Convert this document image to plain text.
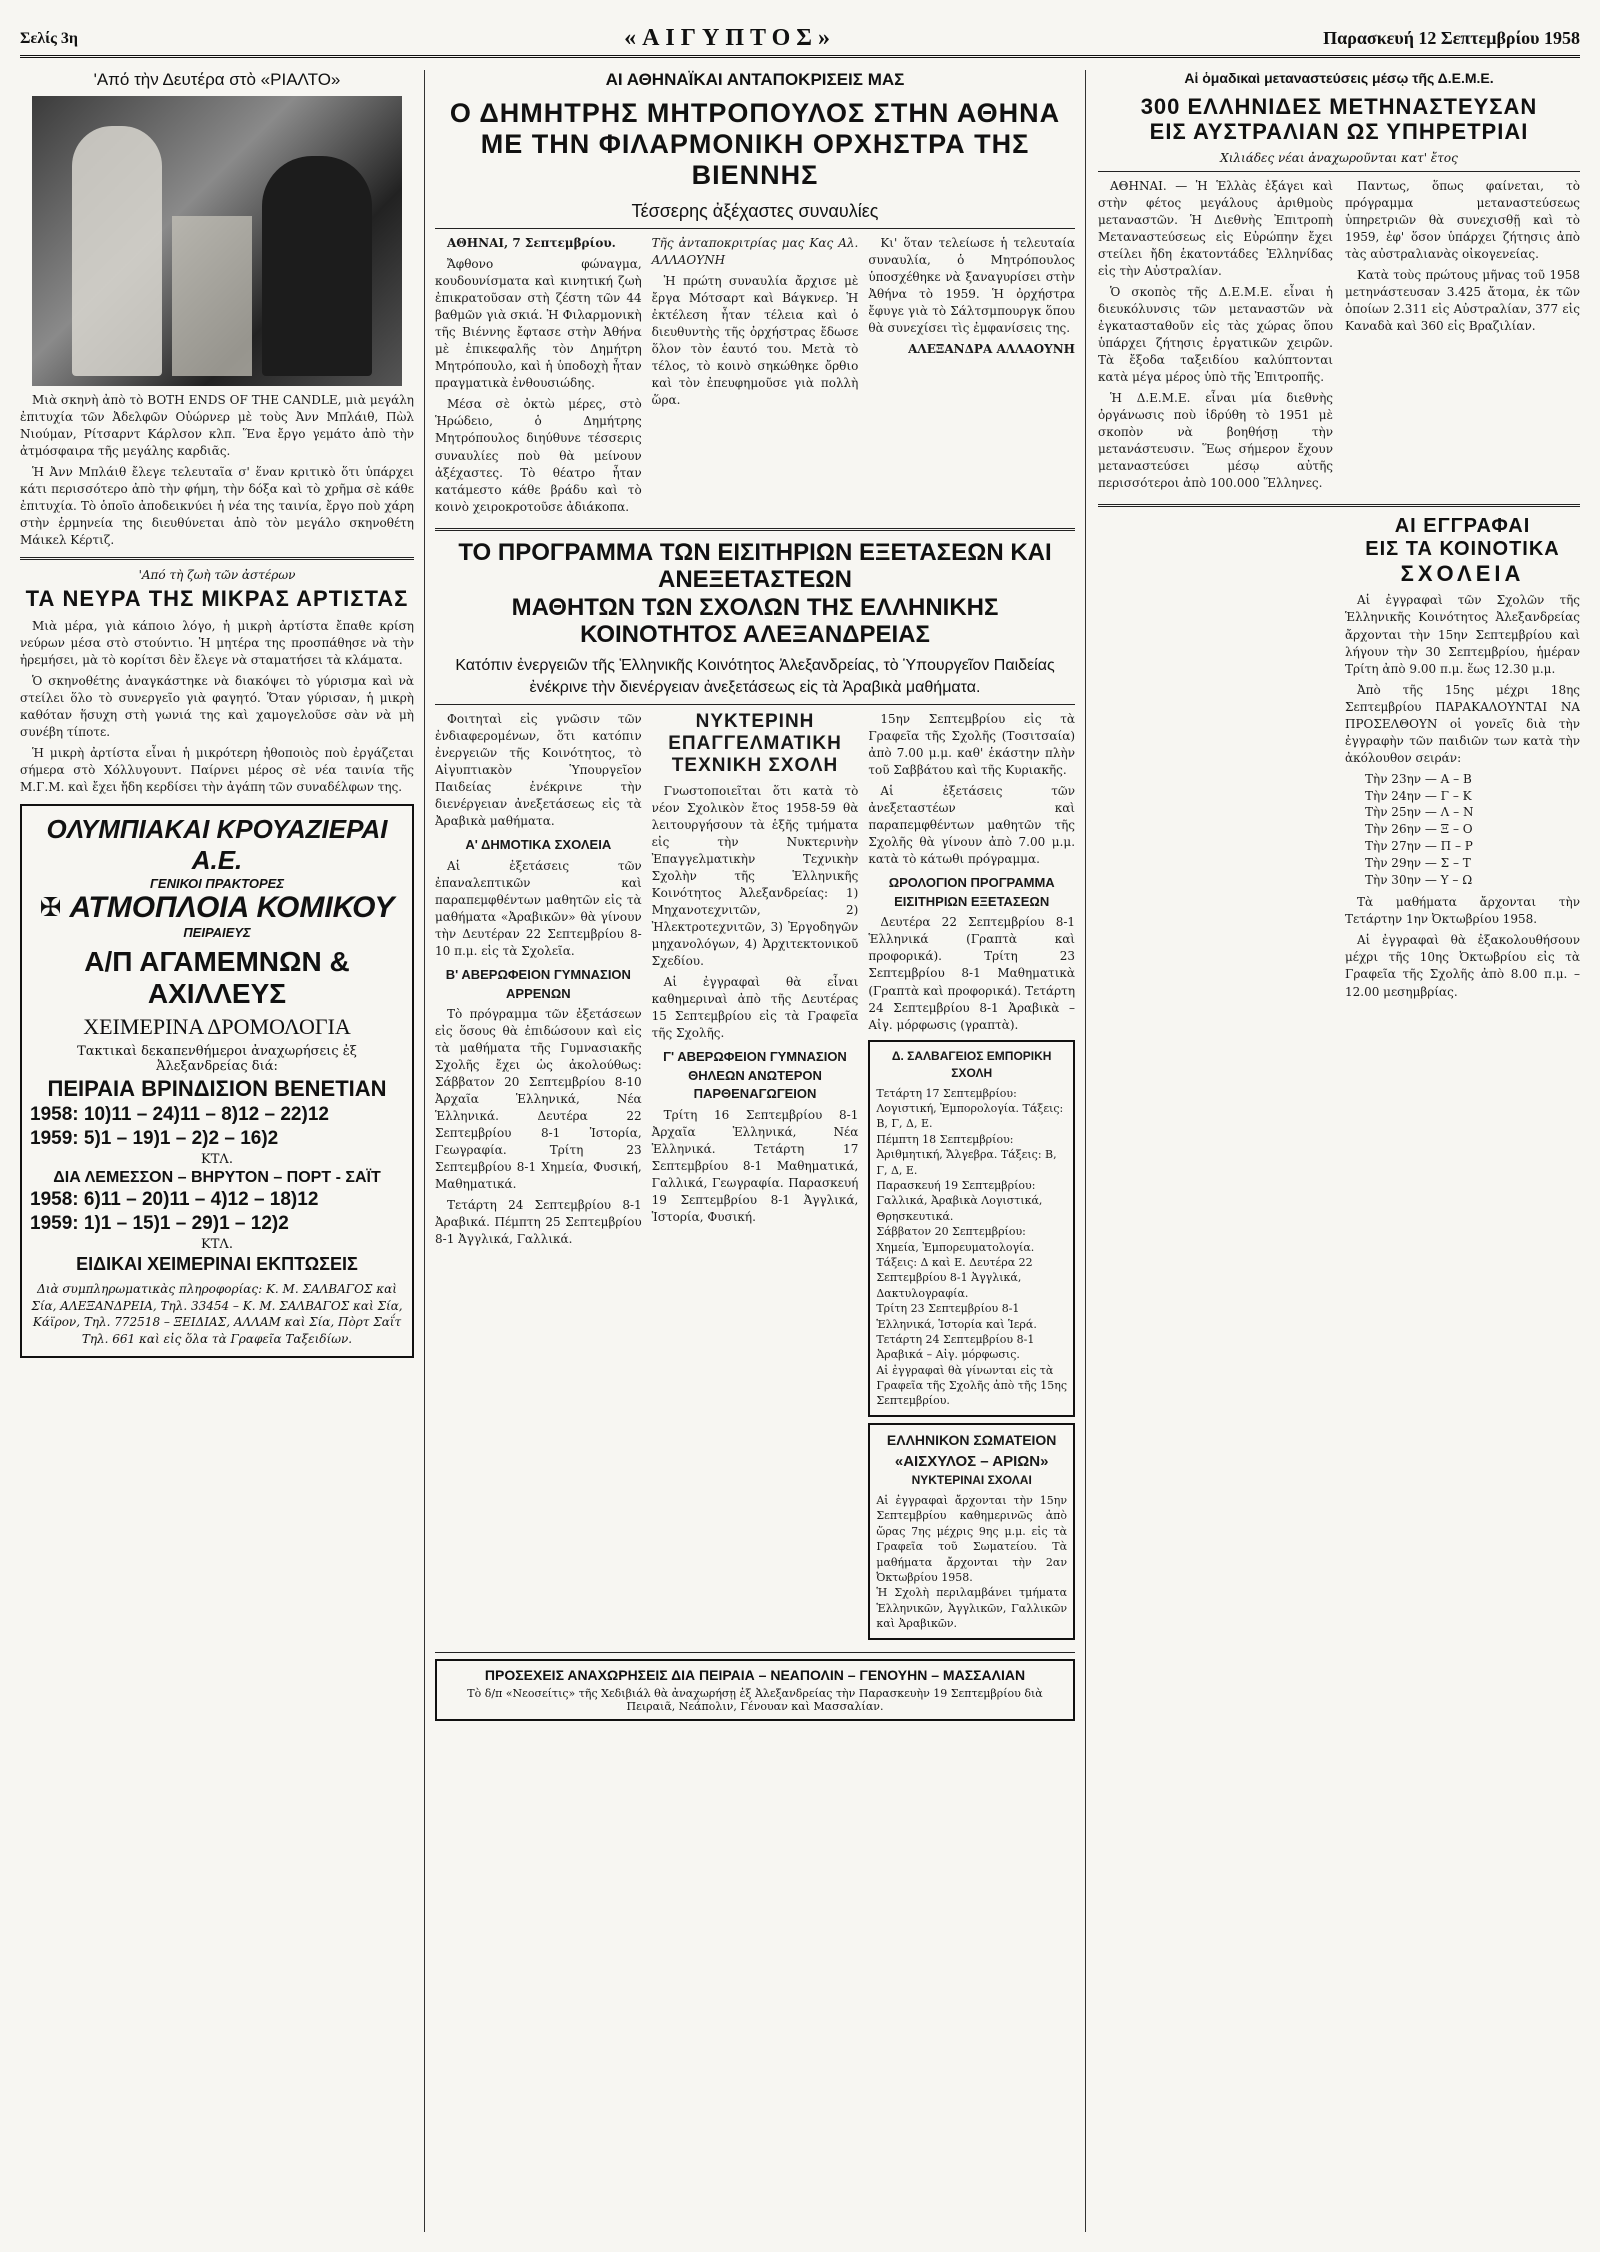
Σελίς 3η	«ΑΙΓΥΠΤΟΣ»	Παρασκευή 12 Σεπτεμβρίου 1958
'Από τὴν Δευτέρα στὸ «ΡΙΑΛΤΟ»

Μιὰ σκηνὴ ἀπὸ τὸ BOTH ENDS OF THE CANDLE, μιὰ μεγάλη ἐπιτυχία τῶν Ἀδελφῶν Οὐώρνερ μὲ τοὺς Ἀνν Μπλάιθ, Πὼλ Νιούμαν, Ρίτσαρντ Κάρλσον κλπ. Ἕνα ἔργο γεμάτο ἀπὸ τὴν ἀτμόσφαιρα τῆς μεγάλης καρδιᾶς.

Ἡ Ἀνν Μπλάιθ ἔλεγε τελευταῖα σ' ἕναν κριτικὸ ὅτι ὑπάρχει κάτι περισσότερο ἀπὸ τὴν φήμη, τὴν δόξα καὶ τὸ χρῆμα σὲ κάθε ἐπιτυχία. Τὸ ὁποῖο ἀποδεικνύει ἡ νέα της ταινία, ἔργο ποὺ χάρη στὴν ἑρμηνεία της διευθύνεται ἀπὸ τὸν μεγάλο σκηνοθέτη Μάικελ Κέρτιζ.

'Από τὴ ζωὴ τῶν ἀστέρων
ΤΑ ΝΕΥΡΑ ΤΗΣ ΜΙΚΡΑΣ ΑΡΤΙΣΤΑΣ

Μιὰ μέρα, γιὰ κάποιο λόγο, ἡ μικρὴ ἀρτίστα ἔπαθε κρίση νεύρων μέσα στὸ στούντιο. Ἡ μητέρα της προσπάθησε νὰ τὴν ἠρεμήσει, μὰ τὸ κορίτσι δὲν ἔλεγε νὰ σταματήσει τὰ κλάματα.

Ὁ σκηνοθέτης ἀναγκάστηκε νὰ διακόψει τὸ γύρισμα καὶ νὰ στείλει ὅλο τὸ συνεργεῖο γιὰ φαγητό. Ὅταν γύρισαν, ἡ μικρὴ καθόταν ἥσυχη στὴ γωνιά της καὶ χαμογελοῦσε σὰν νὰ μὴ συνέβη τίποτε.

Ἡ μικρὴ ἀρτίστα εἶναι ἡ μικρότερη ἠθοποιὸς ποὺ ἐργάζεται σήμερα στὸ Χόλλυγουντ. Παίρνει μέρος σὲ νέα ταινία τῆς Μ.Γ.Μ. καὶ ἔχει ἤδη κερδίσει τὴν ἀγάπη τῶν συναδέλφων της.

ΟΛΥΜΠΙΑΚΑΙ ΚΡΟΥΑΖΙΕΡΑΙ Α.Ε.
ΓΕΝΙΚΟΙ ΠΡΑΚΤΟΡΕΣ
✠ ΑΤΜΟΠΛΟΙΑ ΚΟΜΙΚΟΥ
ΠΕΙΡΑΙΕΥΣ
Α/Π ΑΓΑΜΕΜΝΩΝ & ΑΧΙΛΛΕΥΣ
ΧΕΙΜΕΡΙΝΑ ΔΡΟΜΟΛΟΓΙΑ
Τακτικαὶ δεκαπενθήμεροι ἀναχωρήσεις ἐξ Ἀλεξανδρείας διά:
ΠΕΙΡΑΙΑ ΒΡΙΝΔΙΣΙΟΝ ΒΕΝΕΤΙΑΝ
1958: 10)11 – 24)11 – 8)12 – 22)12
1959: 5)1 – 19)1 – 2)2 – 16)2
ΚΤΛ.
ΔΙΑ ΛΕΜΕΣΣΟΝ – ΒΗΡΥΤΟΝ – ΠΟΡΤ - ΣΑΪΤ
1958: 6)11 – 20)11 – 4)12 – 18)12
1959: 1)1 – 15)1 – 29)1 – 12)2
ΚΤΛ.
ΕΙΔΙΚΑΙ ΧΕΙΜΕΡΙΝΑΙ ΕΚΠΤΩΣΕΙΣ
Διὰ συμπληρωματικὰς πληροφορίας: Κ. Μ. ΣΑΛΒΑΓΟΣ καὶ Σία, ΑΛΕΞΑΝΔΡΕΙΑ, Τηλ. 33454 – Κ. Μ. ΣΑΛΒΑΓΟΣ καὶ Σία, Κάϊρον, Τηλ. 772518 – ΞΕΙΔΙΑΣ, ΑΛΛΑΜ καὶ Σία, Πὸρτ Σαΐτ Τηλ. 661 καὶ εἰς ὅλα τὰ Γραφεῖα Ταξειδίων.
ΑΙ ΑΘΗΝΑΪΚΑΙ ΑΝΤΑΠΟΚΡΙΣΕΙΣ ΜΑΣ
Ο ΔΗΜΗΤΡΗΣ ΜΗΤΡΟΠΟΥΛΟΣ ΣΤΗΝ ΑΘΗΝΑ
ΜΕ ΤΗΝ ΦΙΛΑΡΜΟΝΙΚΗ ΟΡΧΗΣΤΡΑ ΤΗΣ ΒΙΕΝΝΗΣ
Τέσσερης ἀξέχαστες συναυλίες

ΑΘΗΝΑΙ, 7 Σεπτεμβρίου.

Ἄφθονο φώναγμα, κουδουνίσματα καὶ κινητική ζωὴ ἐπικρατοῦσαν στὴ ζέστη τῶν 44 βαθμῶν γιὰ σκιά. Ἡ Φιλαρμονικὴ τῆς Βιέννης ἔφτασε στὴν Ἀθήνα μὲ ἐπικεφαλῆς τὸν Δημήτρη Μητρόπουλο, καὶ ἡ ὑποδοχὴ ἦταν πραγματικὰ ἐνθουσιώδης.

Μέσα σὲ ὀκτὼ μέρες, στὸ Ἡρώδειο, ὁ Δημήτρης Μητρόπουλος διηύθυνε τέσσερις συναυλίες ποὺ θὰ μείνουν ἀξέχαστες. Τὸ θέατρο ἦταν κατάμεστο κάθε βράδυ καὶ τὸ κοινὸ χειροκροτοῦσε ἀδιάκοπα.

Τῆς ἀνταποκριτρίας μας Κας Αλ. ΑΛΛΑΟΥΝΗ

Ἡ πρώτη συναυλία ἄρχισε μὲ ἔργα Μότσαρτ καὶ Βάγκνερ. Ἡ ἐκτέλεση ἦταν τέλεια καὶ ὁ διευθυντὴς τῆς ὀρχήστρας ἔδωσε ὅλον τὸν ἑαυτό του. Μετὰ τὸ τέλος, τὸ κοινὸ σηκώθηκε ὄρθιο καὶ τὸν ἐπευφημοῦσε γιὰ πολλὴ ὥρα.

Κι' ὅταν τελείωσε ἡ τελευταία συναυλία, ὁ Μητρόπουλος ὑποσχέθηκε νὰ ξαναγυρίσει στὴν Ἀθήνα τὸ 1959. Ἡ ὀρχήστρα ἔφυγε γιὰ τὸ Σάλτσμπουργκ ὅπου θὰ συνεχίσει τὶς ἐμφανίσεις της.

ΑΛΕΞΑΝΔΡΑ ΑΛΛΑΟΥΝΗ

ΤΟ ΠΡΟΓΡΑΜΜΑ ΤΩΝ ΕΙΣΙΤΗΡΙΩΝ ΕΞΕΤΑΣΕΩΝ ΚΑΙ ΑΝΕΞΕΤΑΣΤΕΩΝ
ΜΑΘΗΤΩΝ ΤΩΝ ΣΧΟΛΩΝ ΤΗΣ ΕΛΛΗΝΙΚΗΣ ΚΟΙΝΟΤΗΤΟΣ ΑΛΕΞΑΝΔΡΕΙΑΣ
Κατόπιν ἐνεργειῶν τῆς Ἑλληνικῆς Κοινότητος Ἀλεξανδρείας, τὸ Ὑπουργεῖον Παιδείας ἐνέκρινε τὴν διενέργειαν ἀνεξετάσεως εἰς τὰ Ἀραβικὰ μαθήματα.

Φοιτηταὶ εἰς γνῶσιν τῶν ἐνδιαφερομένων, ὅτι κατόπιν ἐνεργειῶν τῆς Κοινότητος, τὸ Αἰγυπτιακὸν Ὑπουργεῖον Παιδείας ἐνέκρινε τὴν διενέργειαν ἀνεξετάσεως εἰς τὰ Ἀραβικὰ μαθήματα.

Α' ΔΗΜΟΤΙΚΑ ΣΧΟΛΕΙΑ

Αἱ ἐξετάσεις τῶν ἐπαναλεπτικῶν καὶ παραπεμφθέντων μαθητῶν εἰς τὰ μαθήματα «Ἀραβικῶν» θὰ γίνουν τὴν Δευτέραν 22 Σεπτεμβρίου 8-10 π.μ. εἰς τὰ Σχολεῖα.

Β' ΑΒΕΡΩΦΕΙΟΝ ΓΥΜΝΑΣΙΟΝ ΑΡΡΕΝΩΝ

Τὸ πρόγραμμα τῶν ἐξετάσεων εἰς ὅσους θὰ ἐπιδώσουν καὶ εἰς τὰ μαθήματα τῆς Γυμνασιακῆς Σχολῆς ἔχει ὡς ἀκολούθως: Σάββατον 20 Σεπτεμβρίου 8-10 Ἀρχαῖα Ἑλληνικά, Νέα Ἑλληνικά. Δευτέρα 22 Σεπτεμβρίου 8-1 Ἱστορία, Γεωγραφία. Τρίτη 23 Σεπτεμβρίου 8-1 Χημεία, Φυσική, Μαθηματικά.

Τετάρτη 24 Σεπτεμβρίου 8-1 Ἀραβικά. Πέμπτη 25 Σεπτεμβρίου 8-1 Ἀγγλικά, Γαλλικά.

ΝΥΚΤΕΡΙΝΗ ΕΠΑΓΓΕΛΜΑΤΙΚΗ ΤΕΧΝΙΚΗ ΣΧΟΛΗ

Γνωστοποιεῖται ὅτι κατὰ τὸ νέον Σχολικὸν ἔτος 1958-59 θὰ λειτουργήσουν τὰ ἑξῆς τμήματα εἰς τὴν Νυκτερινὴν Ἐπαγγελματικὴν Τεχνικὴν Σχολὴν τῆς Ἑλληνικῆς Κοινότητος Ἀλεξανδρείας: 1) Μηχανοτεχνιτῶν, 2) Ἠλεκτροτεχνιτῶν, 3) Ἐργοδηγῶν μηχανολόγων, 4) Ἀρχιτεκτονικοῦ Σχεδίου.

Αἱ ἐγγραφαὶ θὰ εἶναι καθημεριναὶ ἀπὸ τῆς Δευτέρας 15 Σεπτεμβρίου εἰς τὰ Γραφεῖα τῆς Σχολῆς.

Γ' ΑΒΕΡΩΦΕΙΟΝ ΓΥΜΝΑΣΙΟΝ ΘΗΛΕΩΝ ΑΝΩΤΕΡΟΝ ΠΑΡΘΕΝΑΓΩΓΕΙΟΝ

Τρίτη 16 Σεπτεμβρίου 8-1 Ἀρχαῖα Ἑλληνικά, Νέα Ἑλληνικά. Τετάρτη 17 Σεπτεμβρίου 8-1 Μαθηματικά, Γαλλικά, Γεωγραφία. Παρασκευή 19 Σεπτεμβρίου 8-1 Ἀγγλικά, Ἱστορία, Φυσική.

15ην Σεπτεμβρίου εἰς τὰ Γραφεῖα τῆς Σχολῆς (Τοσιτσαία) ἀπὸ 7.00 μ.μ. καθ' ἑκάστην πλὴν τοῦ Σαββάτου καὶ τῆς Κυριακῆς.

Αἱ ἐξετάσεις τῶν ἀνεξεταστέων καὶ παραπεμφθέντων μαθητῶν τῆς Σχολῆς θὰ γίνουν ἀπὸ 7.00 μ.μ. κατὰ τὸ κάτωθι πρόγραμμα.

ΩΡΟΛΟΓΙΟΝ ΠΡΟΓΡΑΜΜΑ ΕΙΣΙΤΗΡΙΩΝ ΕΞΕΤΑΣΕΩΝ

Δευτέρα 22 Σεπτεμβρίου 8-1 Ἑλληνικά (Γραπτὰ καὶ προφορικά). Τρίτη 23 Σεπτεμβρίου 8-1 Μαθηματικὰ (Γραπτὰ καὶ προφορικά). Τετάρτη 24 Σεπτεμβρίου 8-1 Ἀραβικὰ – Αἰγ. μόρφωσις (γραπτὰ).

Δ. ΣΑΛΒΑΓΕΙΟΣ ΕΜΠΟΡΙΚΗ ΣΧΟΛΗ
Τετάρτη 17 Σεπτεμβρίου: Λογιστική, Ἐμπορολογία. Τάξεις: Β, Γ, Δ, Ε.
Πέμπτη 18 Σεπτεμβρίου: Ἀριθμητική, Ἄλγεβρα. Τάξεις: Β, Γ, Δ, Ε.
Παρασκευή 19 Σεπτεμβρίου: Γαλλικά, Ἀραβικὰ Λογιστικά, Θρησκευτικά.
Σάββατον 20 Σεπτεμβρίου: Χημεία, Ἐμπορευματολογία. Τάξεις: Δ καὶ Ε. Δευτέρα 22 Σεπτεμβρίου 8-1 Ἀγγλικά, Δακτυλογραφία.
Τρίτη 23 Σεπτεμβρίου 8-1 Ἑλληνικά, Ἱστορία καὶ Ἱερά. Τετάρτη 24 Σεπτεμβρίου 8-1 Ἀραβικά – Αἰγ. μόρφωσις.
Αἱ ἐγγραφαὶ θὰ γίνωνται εἰς τὰ Γραφεῖα τῆς Σχολῆς ἀπὸ τῆς 15ης Σεπτεμβρίου.
ΕΛΛΗΝΙΚΟΝ ΣΩΜΑΤΕΙΟΝ
«ΑΙΣΧΥΛΟΣ – ΑΡΙΩΝ»
ΝΥΚΤΕΡΙΝΑΙ ΣΧΟΛΑΙ
Αἱ ἐγγραφαὶ ἄρχονται τὴν 15ην Σεπτεμβρίου καθημερινῶς ἀπὸ ὥρας 7ης μέχρις 9ης μ.μ. εἰς τὰ Γραφεῖα τοῦ Σωματείου. Τὰ μαθήματα ἄρχονται τὴν 2αν Ὀκτωβρίου 1958.
Ἡ Σχολὴ περιλαμβάνει τμήματα Ἑλληνικῶν, Ἀγγλικῶν, Γαλλικῶν καὶ Ἀραβικῶν.
ΠΡΟΣΕΧΕΙΣ ΑΝΑΧΩΡΗΣΕΙΣ ΔΙΑ ΠΕΙΡΑΙΑ – ΝΕΑΠΟΛΙΝ – ΓΕΝΟΥΗΝ – ΜΑΣΣΑΛΙΑΝ
Τὸ δ/π «Νεοσείτις» τῆς Χεδιβιάλ θὰ ἀναχωρήσῃ ἐξ Ἀλεξανδρείας τὴν Παρασκευὴν 19 Σεπτεμβρίου διὰ Πειραιᾶ, Νεάπολιν, Γένουαν καὶ Μασσαλίαν.
Αἱ ὁμαδικαὶ μεταναστεύσεις μέσῳ τῆς Δ.Ε.Μ.Ε.
300 ΕΛΛΗΝΙΔΕΣ ΜΕΤΗΝΑΣΤΕΥΣΑΝ
ΕΙΣ ΑΥΣΤΡΑΛΙΑΝ ΩΣ ΥΠΗΡΕΤΡΙΑΙ
Χιλιάδες νέαι ἀναχωροῦνται κατ' ἔτος

ΑΘΗΝΑΙ. — Ἡ Ἑλλὰς ἐξάγει καὶ στὴν φέτος μεγάλους ἀριθμοὺς μεταναστῶν. Ἡ Διεθνὴς Ἐπιτροπὴ Μεταναστεύσεως εἰς Εὐρώπην ἔχει στείλει ἤδη ἑκατοντάδες Ἑλληνίδας εἰς τὴν Αὐστραλίαν.

Ὁ σκοπὸς τῆς Δ.Ε.Μ.Ε. εἶναι ἡ διευκόλυνσις τῶν μεταναστῶν νὰ ἐγκατασταθοῦν εἰς τὰς χώρας ὅπου ὑπάρχει ζήτησις ἐργατικῶν χειρῶν. Τὰ ἔξοδα ταξειδίου καλύπτονται κατὰ μέγα μέρος ὑπὸ τῆς Ἐπιτροπῆς.

Ἡ Δ.Ε.Μ.Ε. εἶναι μία διεθνὴς ὀργάνωσις ποὺ ἱδρύθη τὸ 1951 μὲ σκοπὸν νὰ βοηθήσῃ τὴν μετανάστευσιν. Ἕως σήμερον ἔχουν μεταναστεύσει μέσῳ αὐτῆς περισσότεροι ἀπὸ 100.000 Ἕλληνες.

Παντως, ὅπως φαίνεται, τὸ πρόγραμμα μεταναστεύσεως ὑπηρετριῶν θὰ συνεχισθῇ καὶ τὸ 1959, ἐφ' ὅσον ὑπάρχει ζήτησις ἀπὸ τὰς αὐστραλιανὰς οἰκογενείας.

Κατὰ τοὺς πρώτους μῆνας τοῦ 1958 μετηνάστευσαν 3.425 ἄτομα, ἐκ τῶν ὁποίων 2.311 εἰς Αὐστραλίαν, 377 εἰς Καναδὰ καὶ 360 εἰς Βραζιλίαν.

ΑΙ ΕΓΓΡΑΦΑΙ
ΕΙΣ ΤΑ ΚΟΙΝΟΤΙΚΑ
ΣΧΟΛΕΙΑ

Αἱ ἐγγραφαὶ τῶν Σχολῶν τῆς Ἑλληνικῆς Κοινότητος Ἀλεξανδρείας ἄρχονται τὴν 15ην Σεπτεμβρίου καὶ λήγουν τὴν 30 Σεπτεμβρίου, ἡμέραν Τρίτη ἀπὸ 9.00 π.μ. ἕως 12.30 μ.μ.

Ἀπὸ τῆς 15ης μέχρι 18ης Σεπτεμβρίου ΠΑΡΑΚΑΛΟΥΝΤΑΙ ΝΑ ΠΡΟΣΕΛΘΟΥΝ οἱ γονεῖς διὰ τὴν ἐγγραφὴν τῶν παιδιῶν των κατὰ τὴν ἀκόλουθον σειράν:

Τὴν 23ην — Α – Β
Τὴν 24ην — Γ – Κ
Τὴν 25ην — Λ – Ν
Τὴν 26ην — Ξ – Ο
Τὴν 27ην — Π – Ρ
Τὴν 29ην — Σ – Τ
Τὴν 30ην — Υ – Ω

Τὰ μαθήματα ἄρχονται τὴν Τετάρτην 1ην Ὀκτωβρίου 1958.

Αἱ ἐγγραφαὶ θὰ ἐξακολουθήσουν μέχρι τῆς 10ης Ὀκτωβρίου εἰς τὰ Γραφεῖα τῆς Σχολῆς ἀπὸ 8.00 π.μ. – 12.00 μεσημβρίας.
